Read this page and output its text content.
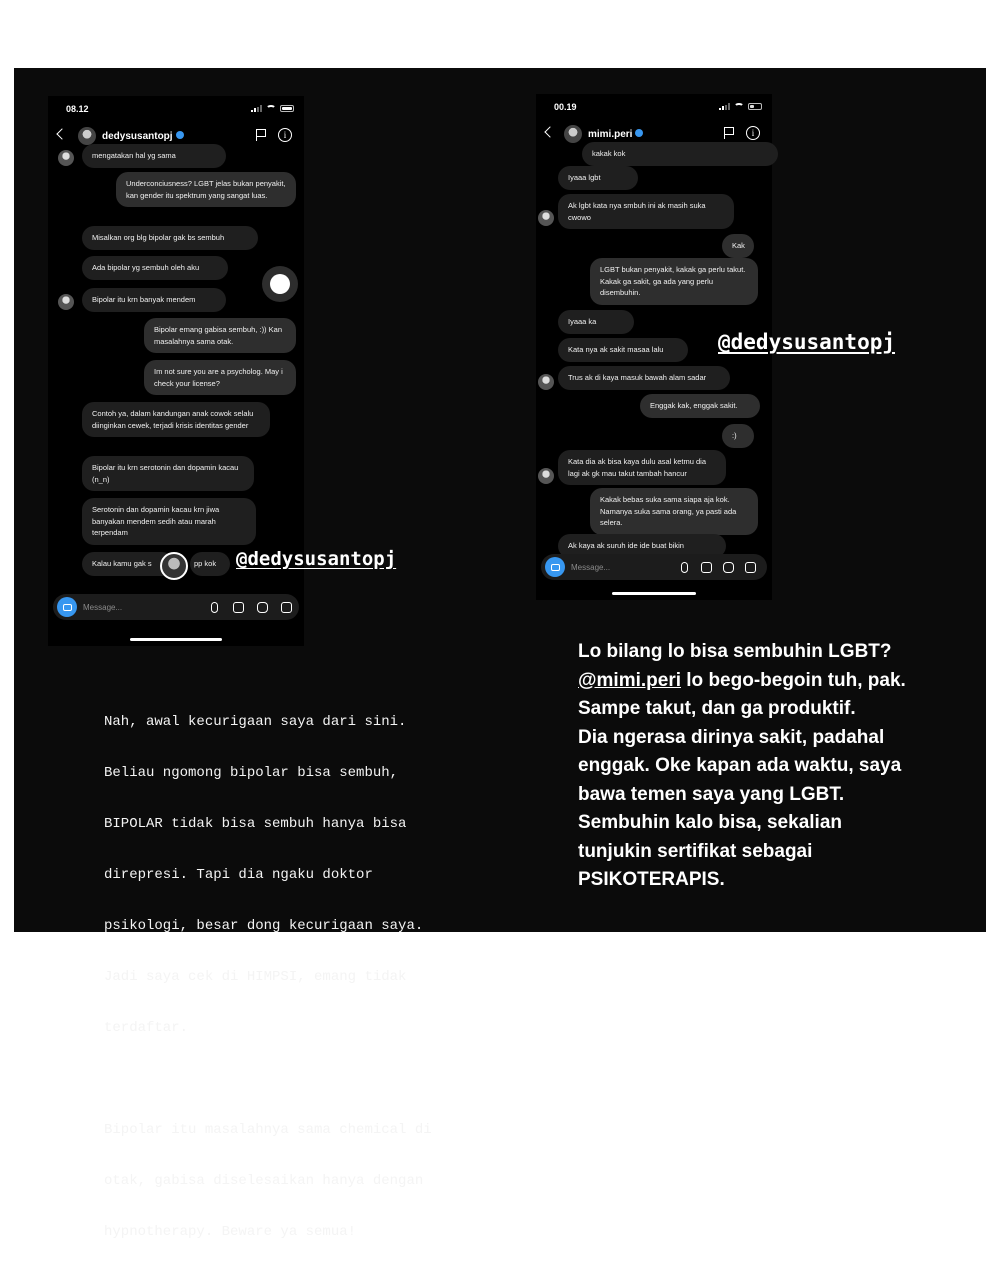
08.12
dedysusantopj	i
mengatakan hal yg sama
Underconciusness? LGBT jelas bukan penyakit, kan gender itu spektrum yang sangat luas.
Misalkan org blg bipolar gak bs sembuh
Ada bipolar yg sembuh oleh aku
Bipolar itu krn banyak mendem
Bipolar emang gabisa sembuh, :)) Kan masalahnya sama otak.
Im not sure you are a psycholog. May i check your license?
Contoh ya, dalam kandungan anak cowok selalu diinginkan cewek, terjadi krisis identitas gender
Bipolar itu krn serotonin dan dopamin kacau (n_n)
Serotonin dan dopamin kacau krn jiwa banyakan mendem sedih atau marah terpendam
Kalau kamu gak s	pp kok
Message...
@dedysusantopj
00.19
mimi.peri	i
kakak kok
Iyaaa lgbt
Ak lgbt kata nya smbuh ini ak masih suka cwowo
Kak
LGBT bukan penyakit, kakak ga perlu takut. Kakak ga sakit, ga ada yang perlu disembuhin.
Iyaaa ka
Kata nya ak sakit masaa lalu
Trus ak di kaya masuk bawah alam sadar
Enggak kak, enggak sakit.
:)
Kata dia ak bisa kaya dulu asal ketmu dia lagi ak gk mau takut tambah hancur
Kakak bebas suka sama siapa aja kok. Namanya suka sama orang, ya pasti ada selera.
Ak kaya ak suruh ide ide buat bikin
Message...
@dedysusantopj

Nah, awal kecurigaan saya dari sini.

Beliau ngomong bipolar bisa sembuh,

BIPOLAR tidak bisa sembuh hanya bisa

direpresi. Tapi dia ngaku doktor

psikologi, besar dong kecurigaan saya.

Jadi saya cek di HIMPSI, emang tidak

terdaftar.

Bipolar itu masalahnya sama chemical di

otak, gabisa diselesaikan hanya dengan

hypnotherapy. Beware ya semua!

Lo bilang lo bisa sembuhin LGBT?
@mimi.peri lo bego-begoin tuh, pak.
Sampe takut, dan ga produktif.
Dia ngerasa dirinya sakit, padahal
enggak. Oke kapan ada waktu, saya
bawa temen saya yang LGBT.
Sembuhin kalo bisa, sekalian
tunjukin sertifikat sebagai
PSIKOTERAPIS.
